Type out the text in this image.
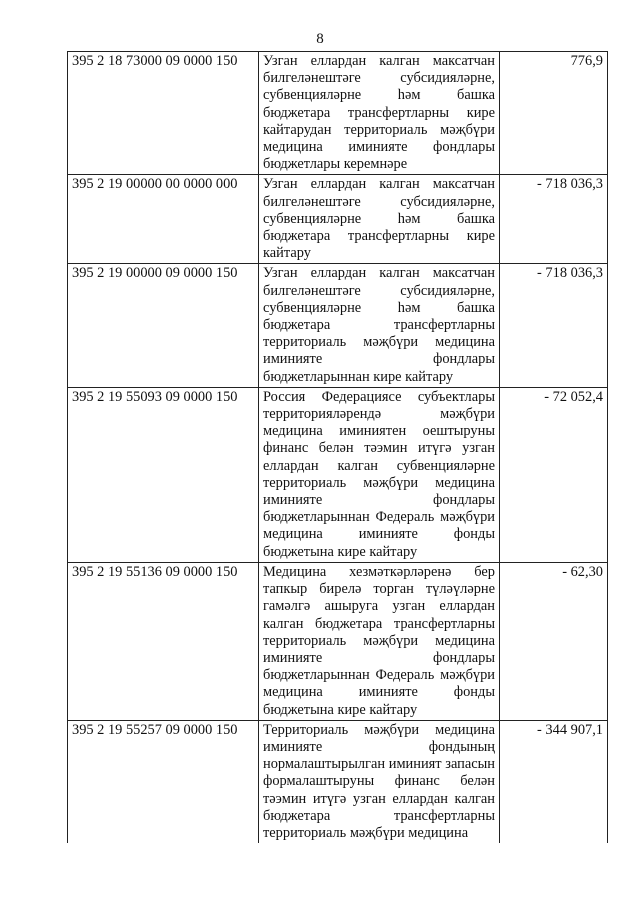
8
395 2 18 73000 09 0000 150	Узган еллардан калган максатчан билгеләнештәге субсидияләрне, субвенцияләрне һәм башка бюджетара трансфертларны кире кайтарудан территориаль мәҗбүри медицина иминияте фондлары бюджетлары керемнәре	776,9
395 2 19 00000 00 0000 000	Узган еллардан калган максатчан билгеләнештәге субсидияләрне, субвенцияләрне һәм башка бюджетара трансфертларны кире кайтару	- 718 036,3
395 2 19 00000 09 0000 150	Узган еллардан калган максатчан билгеләнештәге субсидияләрне, субвенцияләрне һәм башка бюджетара трансфертларны территориаль мәҗбүри медицина иминияте фондлары бюджетларыннан кире кайтару	- 718 036,3
395 2 19 55093 09 0000 150	Россия Федерациясе субъектлары территорияләрендә мәҗбүри медицина иминиятен оештыруны финанс белән тәэмин итүгә узган еллардан калган субвенцияләрне территориаль мәҗбүри медицина иминияте фондлары бюджетларыннан Федераль мәҗбүри медицина иминияте фонды бюджетына кире кайтару	- 72 052,4
395 2 19 55136 09 0000 150	Медицина хезмәткәрләренә бер тапкыр бирелә торган түләүләрне гамәлгә ашыруга узган еллардан калган бюджетара трансфертларны территориаль мәҗбүри медицина иминияте фондлары бюджетларыннан Федераль мәҗбүри медицина иминияте фонды бюджетына кире кайтару	- 62,30
395 2 19 55257 09 0000 150	Территориаль мәҗбүри медицина иминияте фондының нормалаштырылган иминият запасын формалаштыруны финанс белән тәэмин итүгә узган еллардан калган бюджетара трансфертларны территориаль мәҗбүри медицина	- 344 907,1
